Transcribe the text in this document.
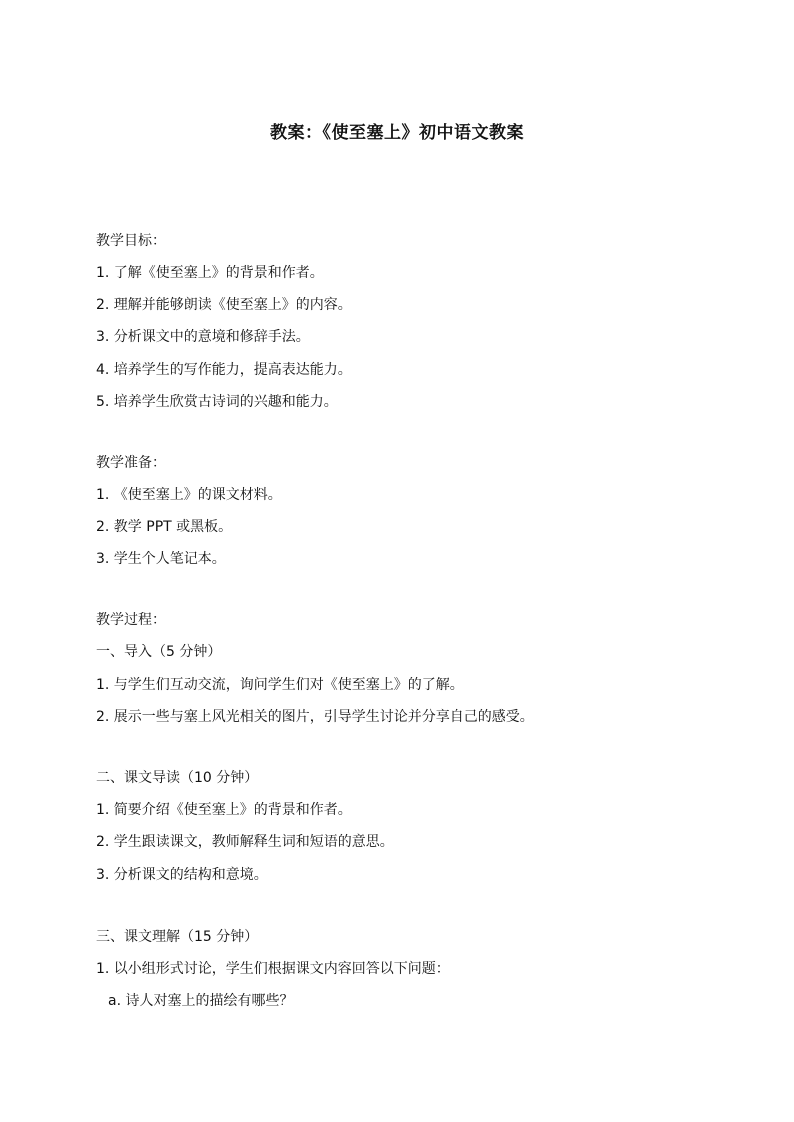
教案：《使至塞上》初中语文教案
教学目标：
1. 了解《使至塞上》的背景和作者。
2. 理解并能够朗读《使至塞上》的内容。
3. 分析课文中的意境和修辞手法。
4. 培养学生的写作能力，提高表达能力。
5. 培养学生欣赏古诗词的兴趣和能力。
教学准备：
1. 《使至塞上》的课文材料。
2. 教学 PPT 或黑板。
3. 学生个人笔记本。
教学过程：
一、导入（5 分钟）
1. 与学生们互动交流，询问学生们对《使至塞上》的了解。
2. 展示一些与塞上风光相关的图片，引导学生讨论并分享自己的感受。
二、课文导读（10 分钟）
1. 简要介绍《使至塞上》的背景和作者。
2. 学生跟读课文，教师解释生词和短语的意思。
3. 分析课文的结构和意境。
三、课文理解（15 分钟）
1. 以小组形式讨论，学生们根据课文内容回答以下问题：
a. 诗人对塞上的描绘有哪些？
